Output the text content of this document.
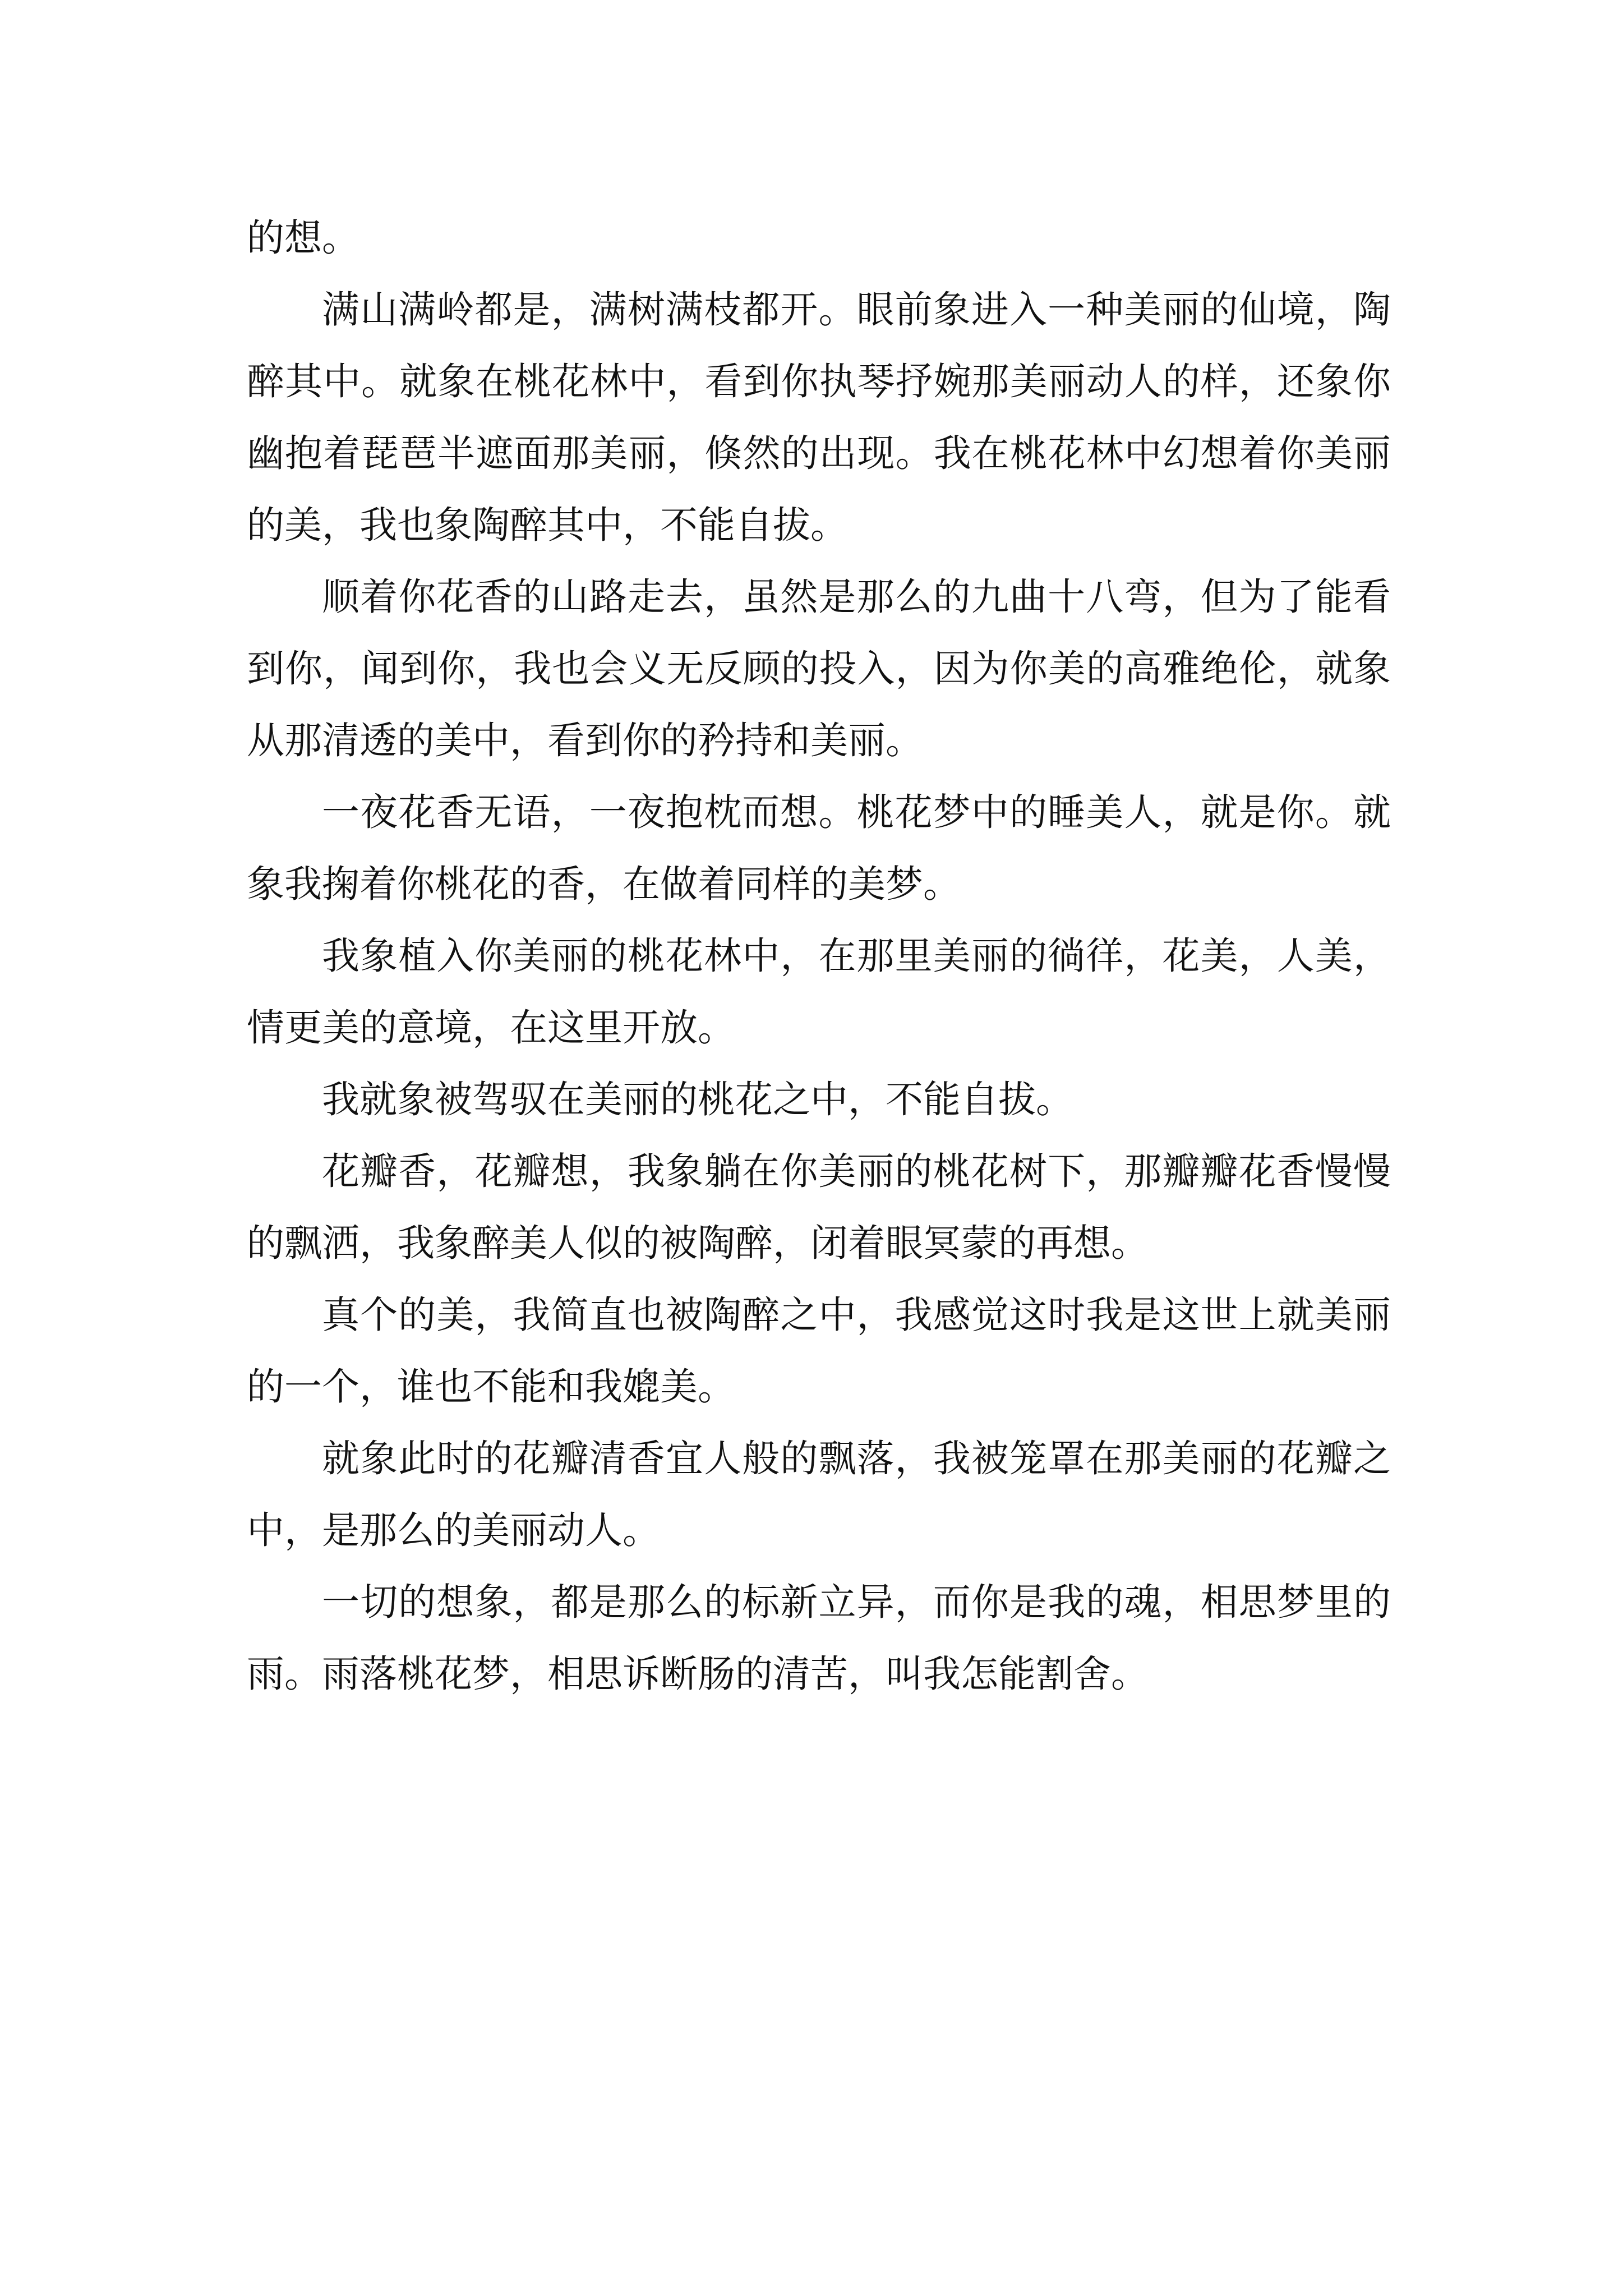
的想。

满山满岭都是，满树满枝都开。眼前象进入一种美丽的仙境，陶醉其中。就象在桃花林中，看到你执琴抒婉那美丽动人的样，还象你幽抱着琵琶半遮面那美丽，倏然的出现。我在桃花林中幻想着你美丽的美，我也象陶醉其中，不能自拔。

顺着你花香的山路走去，虽然是那么的九曲十八弯，但为了能看到你，闻到你，我也会义无反顾的投入，因为你美的高雅绝伦，就象从那清透的美中，看到你的矜持和美丽。

一夜花香无语，一夜抱枕而想。桃花梦中的睡美人，就是你。就象我掬着你桃花的香，在做着同样的美梦。

我象植入你美丽的桃花林中，在那里美丽的徜徉，花美，人美，情更美的意境，在这里开放。

我就象被驾驭在美丽的桃花之中，不能自拔。

花瓣香，花瓣想，我象躺在你美丽的桃花树下，那瓣瓣花香慢慢的飘洒，我象醉美人似的被陶醉，闭着眼冥蒙的再想。

真个的美，我简直也被陶醉之中，我感觉这时我是这世上就美丽的一个，谁也不能和我媲美。

就象此时的花瓣清香宜人般的飘落，我被笼罩在那美丽的花瓣之中，是那么的美丽动人。

一切的想象，都是那么的标新立异，而你是我的魂，相思梦里的雨。雨落桃花梦，相思诉断肠的清苦，叫我怎能割舍。
